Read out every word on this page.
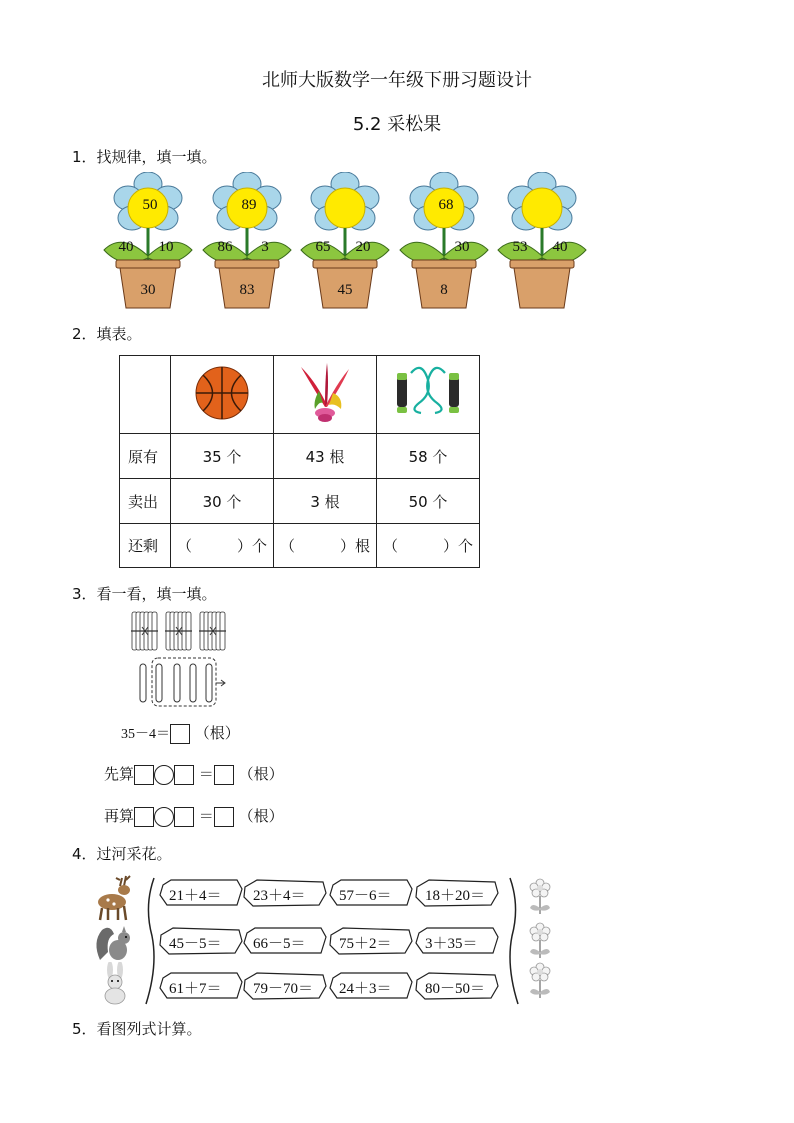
北师大版数学一年级下册习题设计
5.2 采松果
1．找规律，填一填。
50
40	10
30
89
86	3
83
65	20
45
68
30
8
53	40
2．填表。

原有	35 个	43 根	58 个
卖出	30 个	3 根	50 个
还剩	（　　　）个	（　　　）根	（　　　）个
3．看一看，填一填。
35－4＝ （根）
先算	＝ （根）
再算	＝ （根）
4．过河采花。
21＋4＝ 23＋4＝ 57－6＝ 18＋20＝
45－5＝ 66－5＝ 75＋2＝ 3＋35＝
61＋7＝ 79－70＝ 24＋3＝ 80－50＝
5．看图列式计算。
